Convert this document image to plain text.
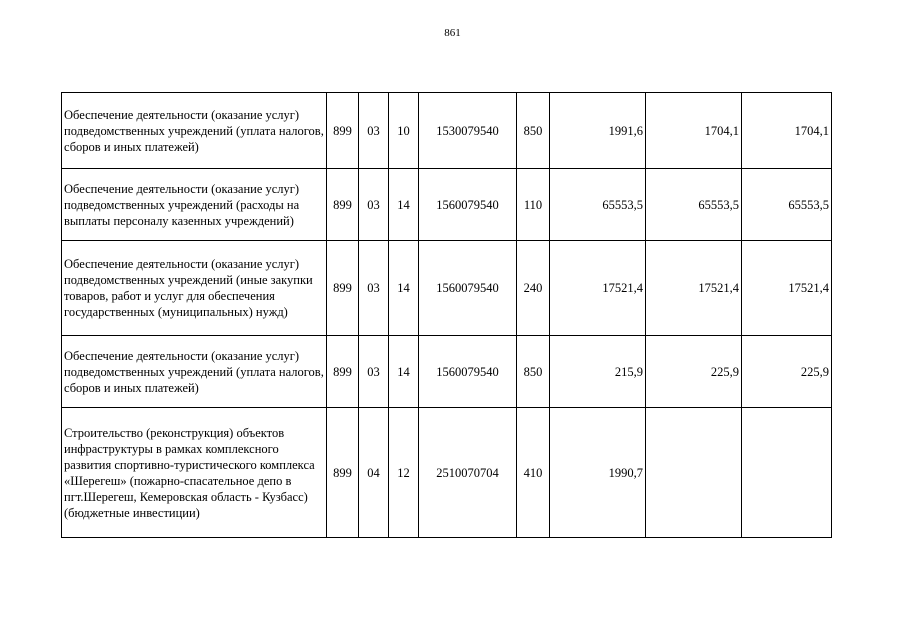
861
Обеспечение деятельности (оказание услуг) подведомственных учреждений (уплата налогов, сборов и иных платежей)	899	03	10	1530079540	850	1991,6	1704,1	1704,1
Обеспечение деятельности (оказание услуг) подведомственных учреждений (расходы на выплаты персоналу казенных учреждений)	899	03	14	1560079540	110	65553,5	65553,5	65553,5
Обеспечение деятельности (оказание услуг) подведомственных учреждений (иные закупки товаров, работ и услуг для обеспечения государственных (муниципальных) нужд)	899	03	14	1560079540	240	17521,4	17521,4	17521,4
Обеспечение деятельности (оказание услуг) подведомственных учреждений (уплата налогов, сборов и иных платежей)	899	03	14	1560079540	850	215,9	225,9	225,9
Строительство (реконструкция) объектов инфраструктуры в рамках комплексного развития спортивно-туристического комплекса «Шерегеш» (пожарно-спасательное депо в пгт.Шерегеш, Кемеровская область - Кузбасс) (бюджетные инвестиции)	899	04	12	2510070704	410	1990,7		
